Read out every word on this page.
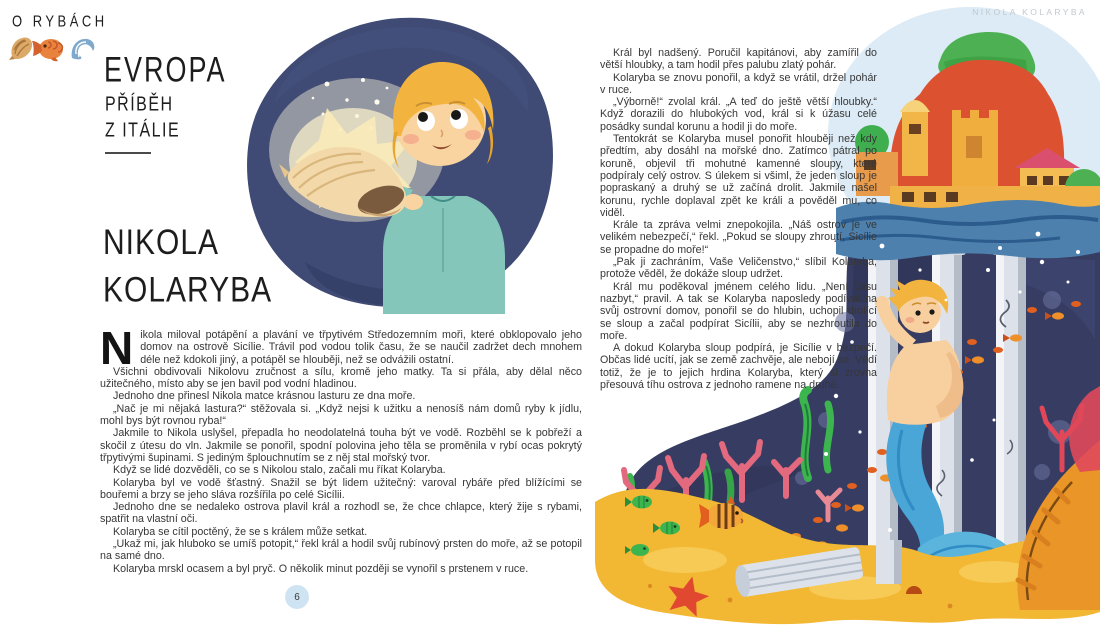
O RYBÁCH
EVROPA
PŘÍBĚH
Z ITÁLIE
NIKOLA
KOLARYBA

Nikola miloval potápění a plavání ve třpytivém Středozemním moři, které obklopovalo jeho domov na ostrově Sicílie. Trávil pod vodou tolik času, že se naučil zadržet dech mnohem déle než kdokoli jiný, a potápěl se hlouběji, než se odvážili ostatní.

Všichni obdivovali Nikolovu zručnost a sílu, kromě jeho matky. Ta si přála, aby dělal něco užitečného, místo aby se jen bavil pod vodní hladinou.

Jednoho dne přinesl Nikola matce krásnou lasturu ze dna moře.

„Nač je mi nějaká lastura?“ stěžovala si. „Když nejsi k užitku a nenosíš nám domů ryby k jídlu, mohl bys být rovnou ryba!“

Jakmile to Nikola uslyšel, přepadla ho neodolatelná touha být ve vodě. Rozběhl se k pobřeží a skočil z útesu do vln. Jakmile se ponořil, spodní polovina jeho těla se proměnila v rybí ocas pokrytý třpytivými šupinami. S jediným šplouchnutím se z něj stal mořský tvor.

Když se lidé dozvěděli, co se s Nikolou stalo, začali mu říkat Kolaryba.

Kolaryba byl ve vodě šťastný. Snažil se být lidem užitečný: varoval rybáře před blížícími se bouřemi a brzy se jeho sláva rozšířila po celé Sicílii.

Jednoho dne se nedaleko ostrova plavil král a rozhodl se, že chce chlapce, který žije s rybami, spatřit na vlastní oči.

Kolaryba se cítil poctěný, že se s králem může setkat.

„Ukaž mi, jak hluboko se umíš potopit,“ řekl král a hodil svůj rubínový prsten do moře, až se potopil na samé dno.

Kolaryba mrskl ocasem a byl pryč. O několik minut později se vynořil s prstenem v ruce.

6
NIKOLA KOLARYBA

Král byl nadšený. Poručil kapitánovi, aby zamířil do větší hloubky, a tam hodil přes palubu zlatý pohár.

Kolaryba se znovu ponořil, a když se vrátil, držel pohár v ruce.

„Výborně!“ zvolal král. „A teď do ještě větší hloubky.“ Když dorazili do hlubokých vod, král si k úžasu celé posádky sundal korunu a hodil ji do moře.

Tentokrát se Kolaryba musel ponořit hlouběji než kdy předtím, aby dosáhl na mořské dno. Zatímco pátral po koruně, objevil tři mohutné kamenné sloupy, které podpíraly celý ostrov. S úlekem si všiml, že jeden sloup je popraskaný a druhý se už začíná drolit. Jakmile našel korunu, rychle doplaval zpět ke králi a pověděl mu, co viděl.

Krále ta zpráva velmi znepokojila. „Náš ostrov je ve velikém nebezpečí,“ řekl. „Pokud se sloupy zhroutí, Sicílie se propadne do moře!“

„Pak ji zachráním, Vaše Veličenstvo,“ slíbil Kolaryba, protože věděl, že dokáže sloup udržet.

Král mu poděkoval jménem celého lidu. „Není času nazbyt,“ pravil. A tak se Kolaryba naposledy podíval na svůj ostrovní domov, ponořil se do hlubin, uchopil drolící se sloup a začal podpírat Sicílii, aby se nezhroutila do moře.

A dokud Kolaryba sloup podpírá, je Sicílie v bezpečí. Občas lidé ucítí, jak se země zachvěje, ale nebojí se. Vědí totiž, že je to jejich hrdina Kolaryba, který si zrovna přesouvá tíhu ostrova z jednoho ramene na druhé.
